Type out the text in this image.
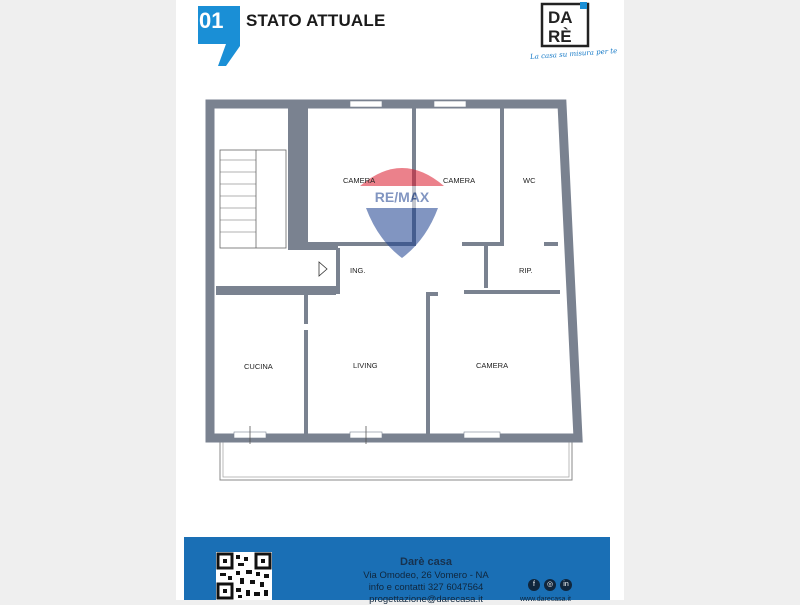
01	STATO ATTUALE	DA
RÈ
La casa su misura per te
RE/MAX
CAMERA	CAMERA	WC
ING.	RIP.
CUCINA	LIVING	CAMERA
Darè casa
Via Omodeo, 26 Vomero - NA
info e contatti 327 6047564
progettazione@darecasa.it
f	◎	in
www.darecasa.it
